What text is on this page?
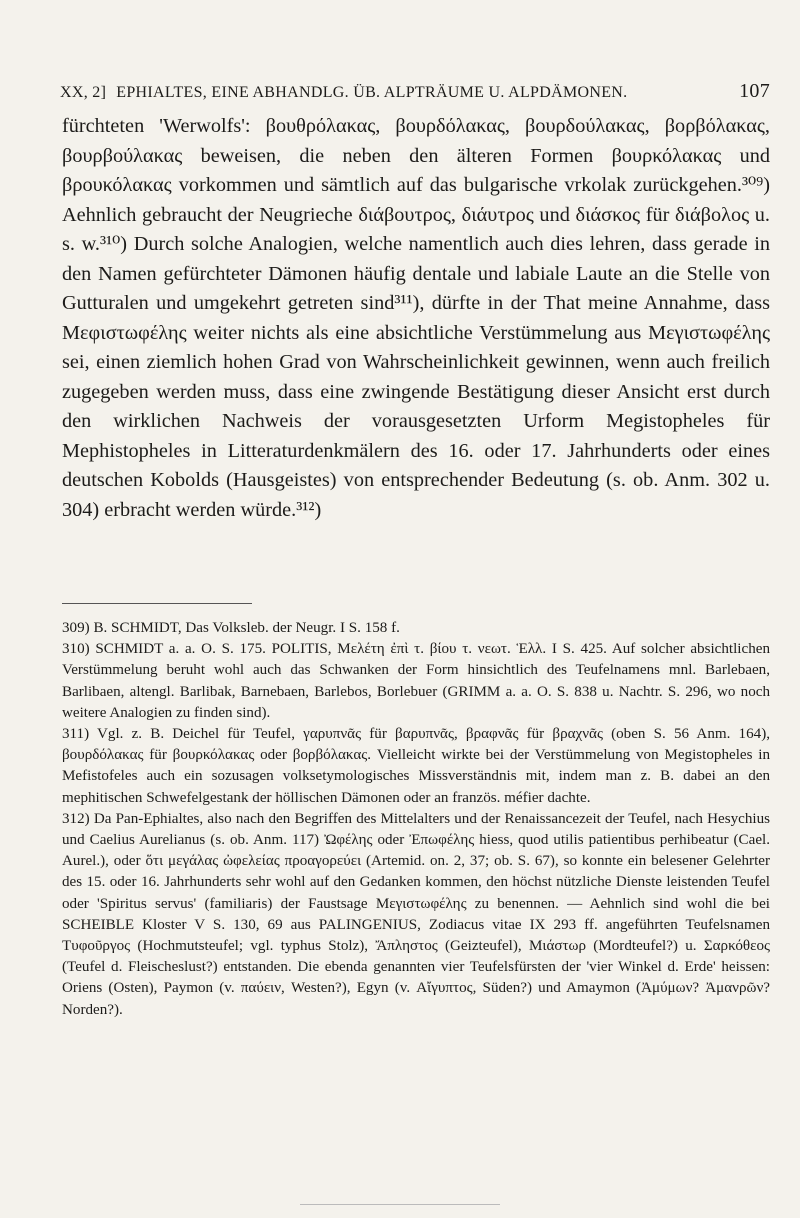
XX, 2] EPHIALTES, EINE ABHANDLG. ÜB. ALPTRÄUME U. ALPDÄMONEN.	107

fürchteten 'Werwolfs': βουθρόλακας, βουρδόλακας, βουρδούλακας, βορβόλακας, βουρβούλακας beweisen, die neben den älteren Formen βουρκόλακας und βρουκόλακας vorkommen und sämtlich auf das bulgarische vrkolak zurückgehen.³⁰⁹) Aehnlich gebraucht der Neugrieche διάβουτρος, διάυτρος und διάσκος für διάβολος u. s. w.³¹⁰) Durch solche Analogien, welche namentlich auch dies lehren, dass gerade in den Namen gefürchteter Dämonen häufig dentale und labiale Laute an die Stelle von Gutturalen und umgekehrt getreten sind³¹¹), dürfte in der That meine Annahme, dass Μεφιστωφέλης weiter nichts als eine absichtliche Verstümmelung aus Μεγιστωφέλης sei, einen ziemlich hohen Grad von Wahrscheinlichkeit gewinnen, wenn auch freilich zugegeben werden muss, dass eine zwingende Bestätigung dieser Ansicht erst durch den wirklichen Nachweis der vorausgesetzten Urform Megistopheles für Mephistopheles in Litteraturdenkmälern des 16. oder 17. Jahrhunderts oder eines deutschen Kobolds (Hausgeistes) von entsprechender Bedeutung (s. ob. Anm. 302 u. 304) erbracht werden würde.³¹²)

309) B. SCHMIDT, Das Volksleb. der Neugr. I S. 158 f.

310) SCHMIDT a. a. O. S. 175. POLITIS, Μελέτη ἐπὶ τ. βίου τ. νεωτ. Ἑλλ. I S. 425. Auf solcher absichtlichen Verstümmelung beruht wohl auch das Schwanken der Form hinsichtlich des Teufelnamens mnl. Barlebaen, Barlibaen, altengl. Barlibak, Barnebaen, Barlebos, Borlebuer (GRIMM a. a. O. S. 838 u. Nachtr. S. 296, wo noch weitere Analogien zu finden sind).

311) Vgl. z. B. Deichel für Teufel, γαρυπνᾶς für βαρυπνᾶς, βραφνᾶς für βραχνᾶς (oben S. 56 Anm. 164), βουρδόλακας für βουρκόλακας oder βορβόλακας. Vielleicht wirkte bei der Verstümmelung von Megistopheles in Mefistofeles auch ein sozusagen volksetymologisches Missverständnis mit, indem man z. B. dabei an den mephitischen Schwefelgestank der höllischen Dämonen oder an französ. méfier dachte.

312) Da Pan-Ephialtes, also nach den Begriffen des Mittelalters und der Renaissancezeit der Teufel, nach Hesychius und Caelius Aurelianus (s. ob. Anm. 117) Ὠφέλης oder Ἐπωφέλης hiess, quod utilis patientibus perhibeatur (Cael. Aurel.), oder ὅτι μεγάλας ὠφελείας προαγορεύει (Artemid. on. 2, 37; ob. S. 67), so konnte ein belesener Gelehrter des 15. oder 16. Jahrhunderts sehr wohl auf den Gedanken kommen, den höchst nützliche Dienste leistenden Teufel oder 'Spiritus servus' (familiaris) der Faustsage Μεγιστωφέλης zu benennen. — Aehnlich sind wohl die bei SCHEIBLE Kloster V S. 130, 69 aus PALINGENIUS, Zodiacus vitae IX 293 ff. angeführten Teufelsnamen Τυφοῦργος (Hochmutsteufel; vgl. typhus Stolz), Ἄπληστος (Geizteufel), Μιάστωρ (Mordteufel?) u. Σαρκόθεος (Teufel d. Fleischeslust?) entstanden. Die ebenda genannten vier Teufelsfürsten der 'vier Winkel d. Erde' heissen: Oriens (Osten), Paymon (v. παύειν, Westen?), Egyn (v. Αἴγυπτος, Süden?) und Amaymon (Ἀμύμων? Ἀμανρῶν? Norden?).
